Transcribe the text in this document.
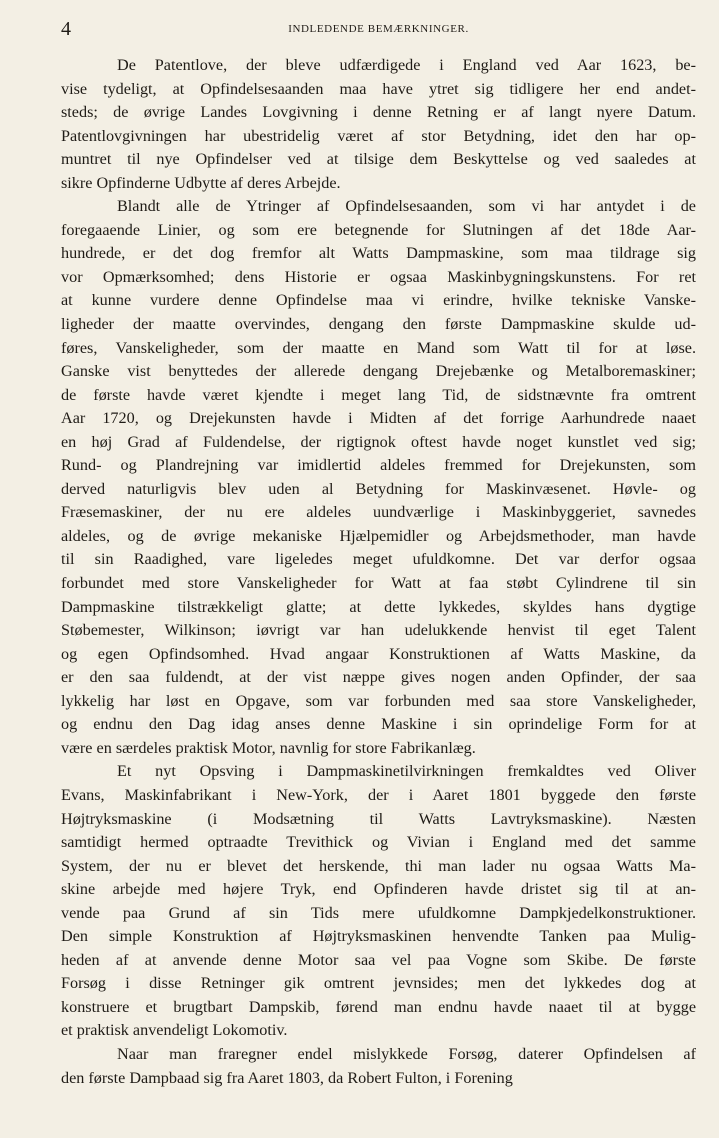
4	INDLEDENDE BEMÆRKNINGER.

De Patentlove, der bleve udfærdigede i England ved Aar 1623, be-
vise tydeligt, at Opfindelsesaanden maa have ytret sig tidligere her end andet-
steds; de øvrige Landes Lovgivning i denne Retning er af langt nyere Datum.
Patentlovgivningen har ubestridelig været af stor Betydning, idet den har op-
muntret til nye Opfindelser ved at tilsige dem Beskyttelse og ved saaledes at
sikre Opfinderne Udbytte af deres Arbejde.

Blandt alle de Ytringer af Opfindelsesaanden, som vi har antydet i de
foregaaende Linier, og som ere betegnende for Slutningen af det 18de Aar-
hundrede, er det dog fremfor alt Watts Dampmaskine, som maa tildrage sig
vor Opmærksomhed; dens Historie er ogsaa Maskinbygningskunstens. For ret
at kunne vurdere denne Opfindelse maa vi erindre, hvilke tekniske Vanske-
ligheder der maatte overvindes, dengang den første Dampmaskine skulde ud-
føres, Vanskeligheder, som der maatte en Mand som Watt til for at løse.
Ganske vist benyttedes der allerede dengang Drejebænke og Metalboremaskiner;
de første havde været kjendte i meget lang Tid, de sidstnævnte fra omtrent
Aar 1720, og Drejekunsten havde i Midten af det forrige Aarhundrede naaet
en høj Grad af Fuldendelse, der rigtignok oftest havde noget kunstlet ved sig;
Rund- og Plandrejning var imidlertid aldeles fremmed for Drejekunsten, som
derved naturligvis blev uden al Betydning for Maskinvæsenet. Høvle- og
Fræsemaskiner, der nu ere aldeles uundværlige i Maskinbyggeriet, savnedes
aldeles, og de øvrige mekaniske Hjælpemidler og Arbejdsmethoder, man havde
til sin Raadighed, vare ligeledes meget ufuldkomne. Det var derfor ogsaa
forbundet med store Vanskeligheder for Watt at faa støbt Cylindrene til sin
Dampmaskine tilstrækkeligt glatte; at dette lykkedes, skyldes hans dygtige
Støbemester, Wilkinson; iøvrigt var han udelukkende henvist til eget Talent
og egen Opfindsomhed. Hvad angaar Konstruktionen af Watts Maskine, da
er den saa fuldendt, at der vist næppe gives nogen anden Opfinder, der saa
lykkelig har løst en Opgave, som var forbunden med saa store Vanskeligheder,
og endnu den Dag idag anses denne Maskine i sin oprindelige Form for at
være en særdeles praktisk Motor, navnlig for store Fabrikanlæg.

Et nyt Opsving i Dampmaskinetilvirkningen fremkaldtes ved Oliver
Evans, Maskinfabrikant i New-York, der i Aaret 1801 byggede den første
Højtryksmaskine (i Modsætning til Watts Lavtryksmaskine). Næsten
samtidigt hermed optraadte Trevithick og Vivian i England med det samme
System, der nu er blevet det herskende, thi man lader nu ogsaa Watts Ma-
skine arbejde med højere Tryk, end Opfinderen havde dristet sig til at an-
vende paa Grund af sin Tids mere ufuldkomne Dampkjedelkonstruktioner.
Den simple Konstruktion af Højtryksmaskinen henvendte Tanken paa Mulig-
heden af at anvende denne Motor saa vel paa Vogne som Skibe. De første
Forsøg i disse Retninger gik omtrent jevnsides; men det lykkedes dog at
konstruere et brugtbart Dampskib, førend man endnu havde naaet til at bygge
et praktisk anvendeligt Lokomotiv.

Naar man fraregner endel mislykkede Forsøg, daterer Opfindelsen af
den første Dampbaad sig fra Aaret 1803, da Robert Fulton, i Forening
